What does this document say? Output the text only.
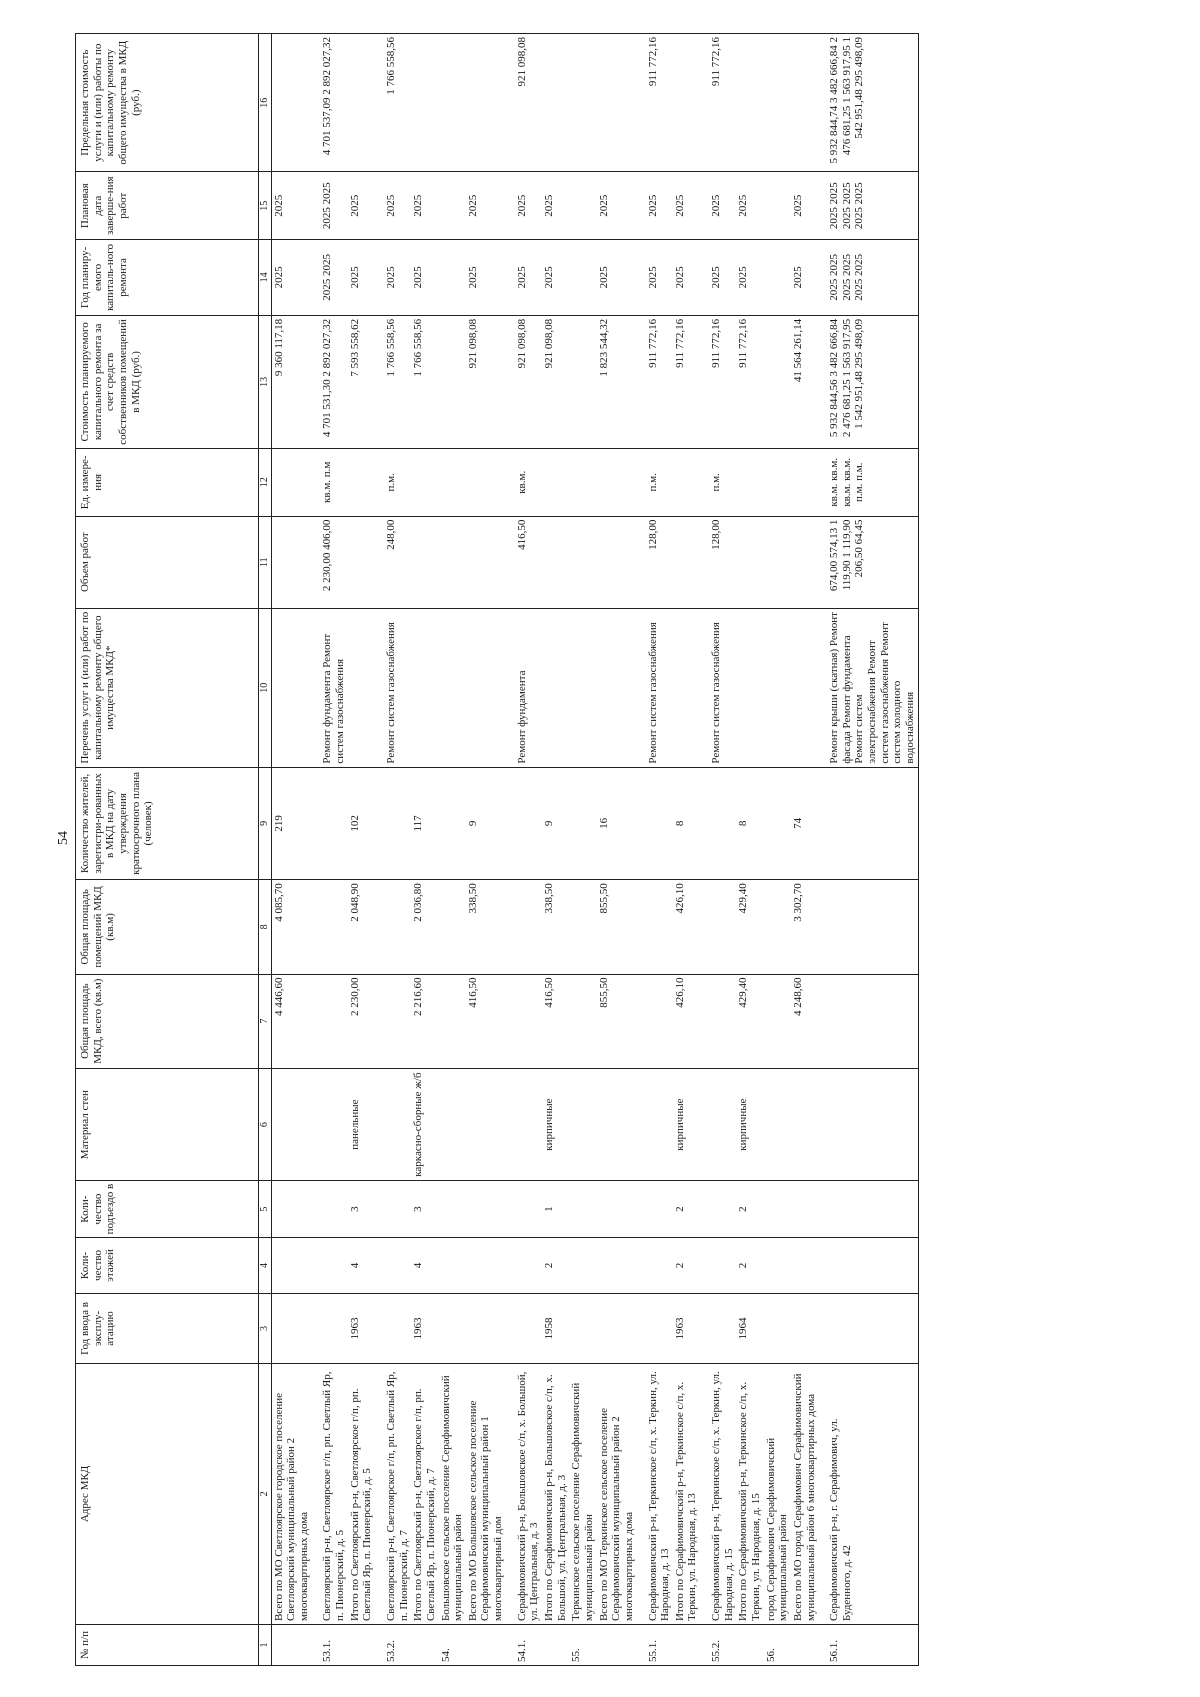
54
№ п/п	Адрес МКД	Год ввода в эксплу-атацию	Коли-чество этажей	Коли-чество подъездо в	Материал стен	Общая площадь МКД, всего (кв.м)	Общая площадь помещений МКД (кв.м)	Количество жителей, зарегистри-рованных в МКД на дату утверждения краткосрочного плана (человек)	Перечень услуг и (или) работ по капитальному ремонту общего имущества МКД*	Объем работ	Ед. измере-ния	Стоимость планируемого капитального ремонта за счет средств собственников помещений в МКД (руб.)	Год планиру-емого капиталь-ного ремонта	Плановая дата заверше-ния работ	Предельная стоимость услуги и (или) работы по капитальному ремонту общего имущества в МКД (руб.)
1	2	3	4	5	6	7	8	9	10	11	12	13	14	15	16
	Всего по МО Светлоярское городское поселение Светлоярский муниципальный район 2 многоквартирных дома					4 446,60	4 085,70	219				9 360 117,18	2025	2025	
53.1.	Светлоярский р-н, Светлоярское г/п, рп. Светлый Яр, п. Пионерский, д. 5								Ремонт фундамента Ремонт систем газоснабжения	2 230,00 406,00	кв.м. п.м	4 701 531,30 2 892 027,32	2025 2025	2025 2025	4 701 537,09 2 892 027,32
	Итого по Светлоярский р-н, Светлоярское г/п, рп. Светлый Яр, п. Пионерский, д. 5	1963	4	3	панельные	2 230,00	2 048,90	102				7 593 558,62	2025	2025	
53.2.	Светлоярский р-н, Светлоярское г/п, рп. Светлый Яр, п. Пионерский, д. 7								Ремонт систем газоснабжения	248,00	п.м.	1 766 558,56	2025	2025	1 766 558,56
	Итого по Светлоярский р-н, Светлоярское г/п, рп. Светлый Яр, п. Пионерский, д. 7	1963	4	3	каркасно-сборные ж/б	2 216,60	2 036,80	117				1 766 558,56	2025	2025	
54.	Большовское сельское поселение Серафимовичский муниципальный район														
	Всего по МО Большовское сельское поселение Серафимовичский муниципальный район 1 многоквартирный дом					416,50	338,50	9				921 098,08	2025	2025	
54.1.	Серафимовичский р-н, Большовское с/п, х. Большой, ул. Центральная, д. 3								Ремонт фундамента	416,50	кв.м.	921 098,08	2025	2025	921 098,08
	Итого по Серафимовичский р-н, Большовское с/п, х. Большой, ул. Центральная, д. 3	1958	2	1	кирпичные	416,50	338,50	9				921 098,08	2025	2025	
55.	Теркинское сельское поселение Серафимовичский муниципальный район														
	Всего по МО Теркинское сельское поселение Серафимовичский муниципальный район 2 многоквартирных дома					855,50	855,50	16				1 823 544,32	2025	2025	
55.1.	Серафимовичский р-н, Теркинское с/п, х. Теркин, ул. Народная, д. 13								Ремонт систем газоснабжения	128,00	п.м.	911 772,16	2025	2025	911 772,16
	Итого по Серафимовичский р-н, Теркинское с/п, х. Теркин, ул. Народная, д. 13	1963	2	2	кирпичные	426,10	426,10	8				911 772,16	2025	2025	
55.2.	Серафимовичский р-н, Теркинское с/п, х. Теркин, ул. Народная, д. 15								Ремонт систем газоснабжения	128,00	п.м.	911 772,16	2025	2025	911 772,16
	Итого по Серафимовичский р-н, Теркинское с/п, х. Теркин, ул. Народная, д. 15	1964	2	2	кирпичные	429,40	429,40	8				911 772,16	2025	2025	
56.	город Серафимович Серафимовичский муниципальный район														
	Всего по МО город Серафимович Серафимовичский муниципальный район 6 многоквартирных дома					4 248,60	3 302,70	74				41 564 261,14	2025	2025	
56.1.	Серафимовичский р-н, г. Серафимович, ул. Буденного, д. 42								Ремонт крыши (скатная) Ремонт фасада Ремонт фундамента Ремонт систем электроснабжения Ремонт систем газоснабжения Ремонт систем холодного водоснабжения	674,00 574,13 1 119,90 1 119,90 206,50 64,45	кв.м. кв.м. кв.м. кв.м. п.м. п.м.	5 932 844,56 3 482 666,84 2 476 681,25 1 563 917,95 1 542 951,48 295 498,09	2025 2025 2025 2025 2025 2025	2025 2025 2025 2025 2025 2025	5 932 844,74 3 482 666,84 2 476 681,25 1 563 917,95 1 542 951,48 295 498,09
